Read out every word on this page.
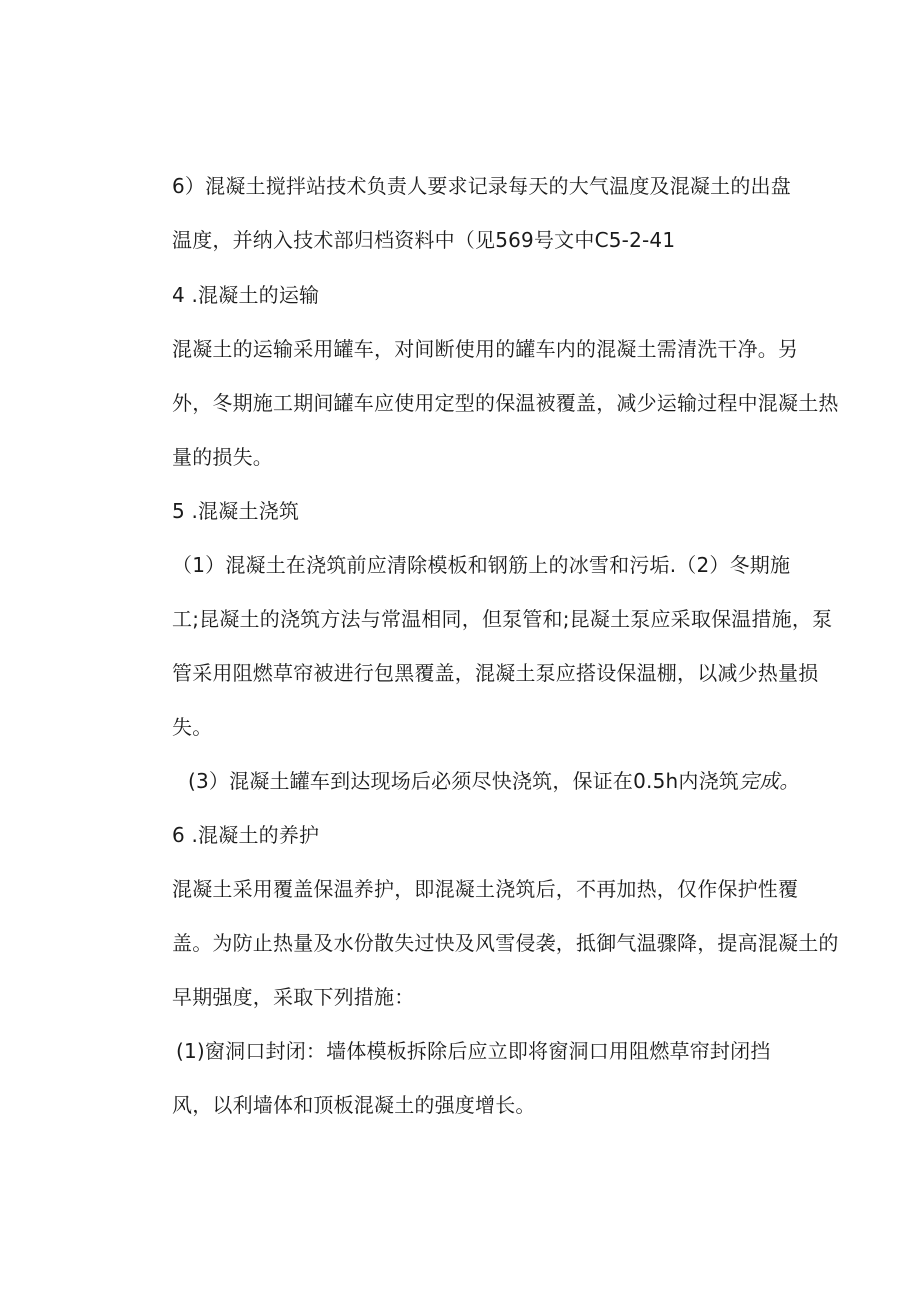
6）混凝土搅拌站技术负责人要求记录每天的大气温度及混凝土的出盘
温度，并纳入技术部归档资料中（见569号文中C5-2-41
4 .混凝土的运输
混凝土的运输采用罐车，对间断使用的罐车内的混凝土需清洗干净。另
外，冬期施工期间罐车应使用定型的保温被覆盖，减少运输过程中混凝土热
量的损失。
5 .混凝土浇筑
（1）混凝土在浇筑前应清除模板和钢筋上的冰雪和污垢.（2）冬期施
工;昆凝土的浇筑方法与常温相同，但泵管和;昆凝土泵应采取保温措施，泵
管采用阻燃草帘被进行包黑覆盖，混凝土泵应搭设保温棚，以减少热量损
失。
(3）混凝土罐车到达现场后必须尽快浇筑，保证在0.5h内浇筑完成。
6 .混凝土的养护
混凝土采用覆盖保温养护，即混凝土浇筑后，不再加热，仅作保护性覆
盖。为防止热量及水份散失过快及风雪侵袭，抵御气温骤降，提高混凝土的
早期强度，采取下列措施：
(1)窗洞口封闭：墙体模板拆除后应立即将窗洞口用阻燃草帘封闭挡
风，以利墙体和顶板混凝土的强度增长。
